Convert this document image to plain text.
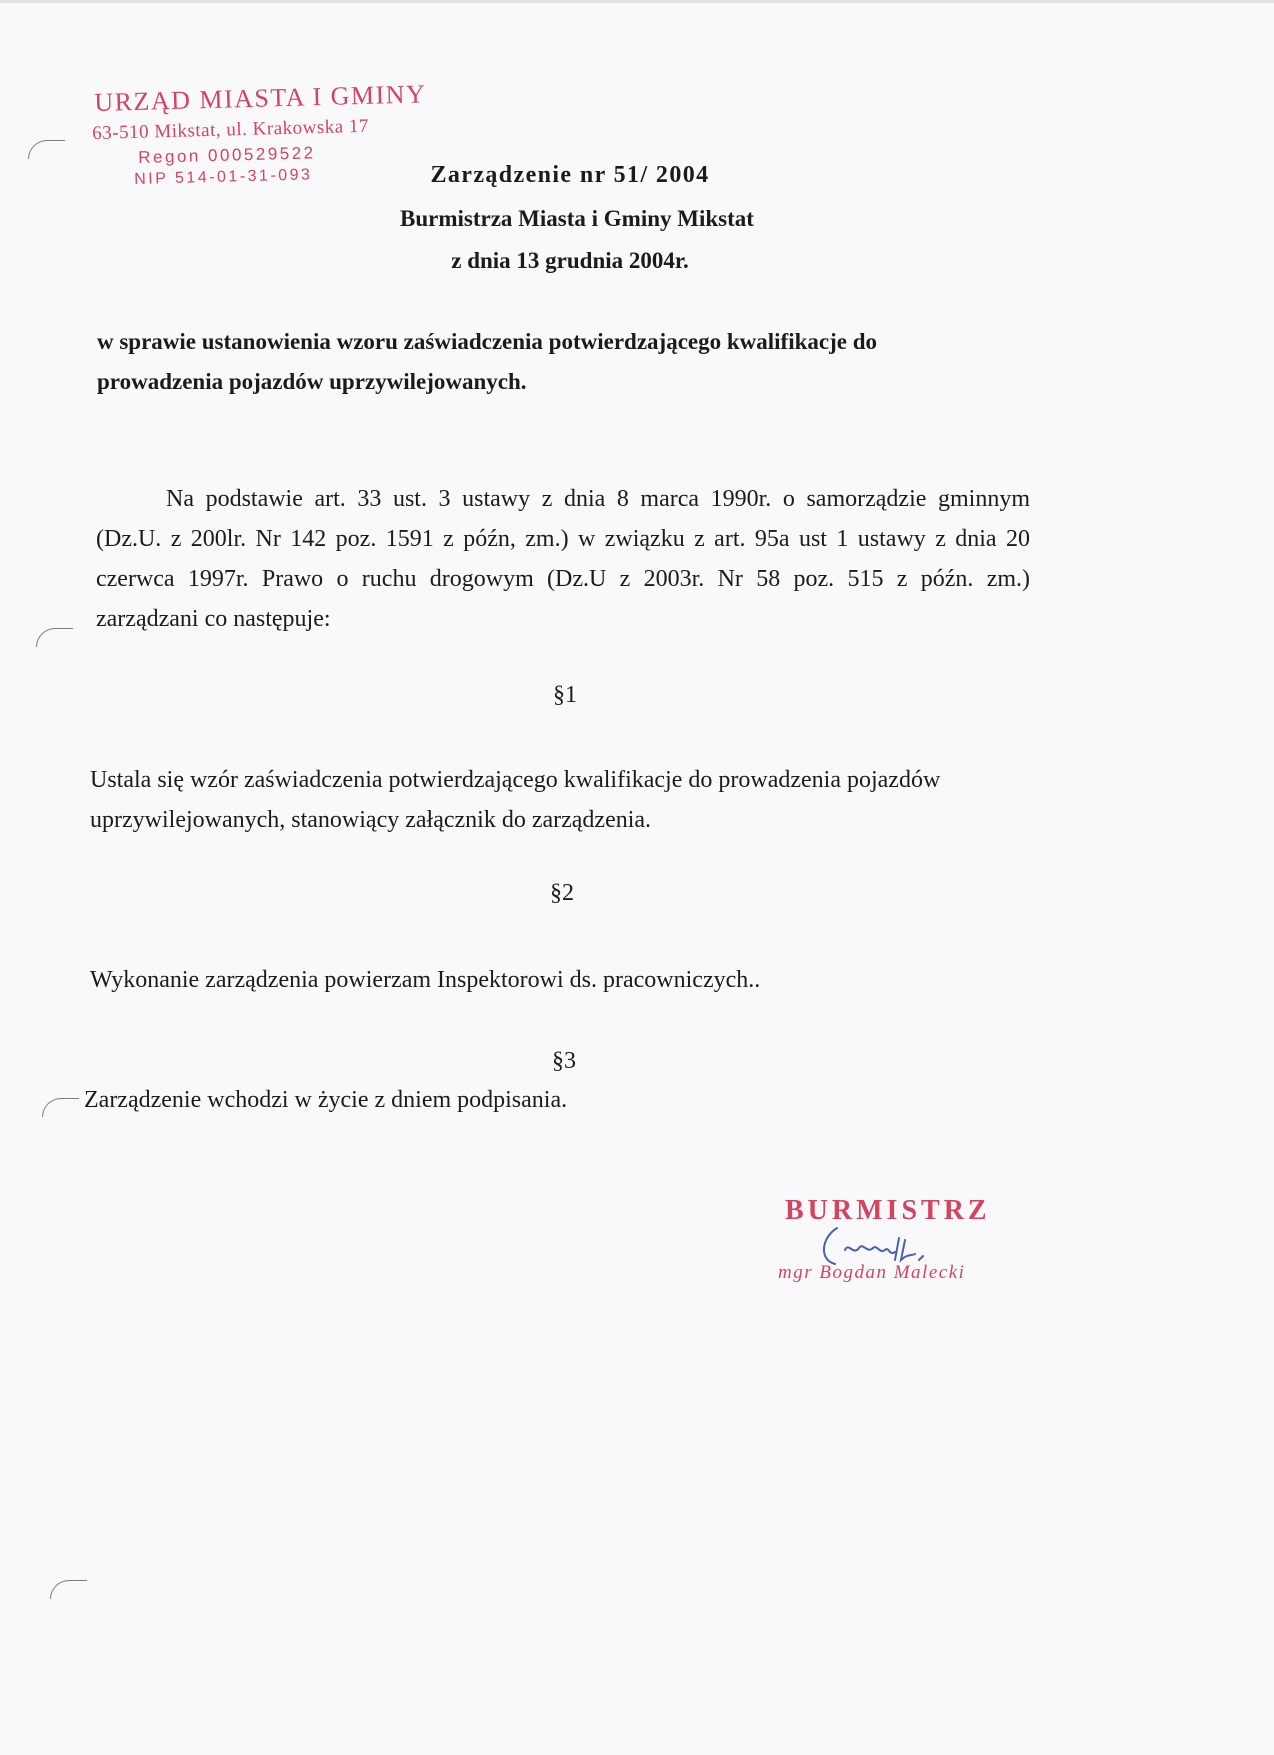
URZĄD MIASTA I GMINY
63-510 Mikstat, ul. Krakowska 17
Regon 000529522
NIP 514-01-31-093	Zarządzenie nr 51/ 2004
Burmistrza Miasta i Gminy Mikstat
z dnia 13 grudnia 2004r.
w sprawie ustanowienia wzoru zaświadczenia potwierdzającego kwalifikacje do
prowadzenia pojazdów uprzywilejowanych.
Na podstawie art. 33 ust. 3 ustawy z dnia 8 marca 1990r. o samorządzie gminnym
(Dz.U. z 200lr. Nr 142 poz. 1591 z późn, zm.) w związku z art. 95a ust 1 ustawy z dnia 20
czerwca 1997r. Prawo o ruchu drogowym (Dz.U z 2003r. Nr 58 poz. 515 z późn. zm.)
zarządzani co następuje:
§1
Ustala się wzór zaświadczenia potwierdzającego kwalifikacje do prowadzenia pojazdów
uprzywilejowanych, stanowiący załącznik do zarządzenia.
§2
Wykonanie zarządzenia powierzam Inspektorowi ds. pracowniczych..
§3
Zarządzenie wchodzi w życie z dniem podpisania.
BURMISTRZ
mgr Bogdan Malecki
